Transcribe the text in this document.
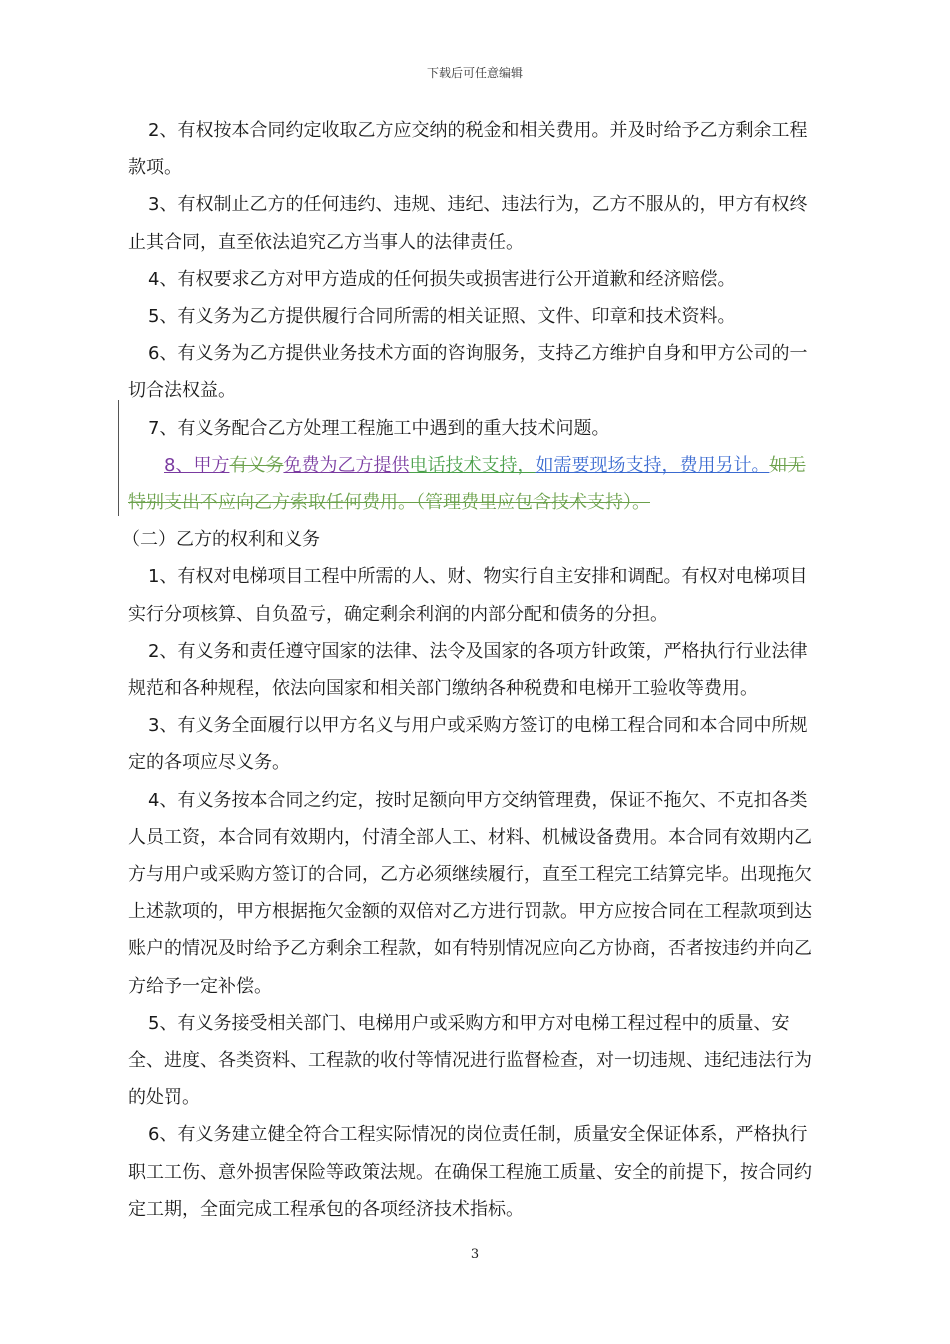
下载后可任意编辑

2、有权按本合同约定收取乙方应交纳的税金和相关费用。并及时给予乙方剩余工程款项。

3、有权制止乙方的任何违约、违规、违纪、违法行为，乙方不服从的，甲方有权终止其合同，直至依法追究乙方当事人的法律责任。

4、有权要求乙方对甲方造成的任何损失或损害进行公开道歉和经济赔偿。

5、有义务为乙方提供履行合同所需的相关证照、文件、印章和技术资料。

6、有义务为乙方提供业务技术方面的咨询服务，支持乙方维护自身和甲方公司的一切合法权益。

7、有义务配合乙方处理工程施工中遇到的重大技术问题。

8、甲方有义务免费为乙方提供电话技术支持，如需要现场支持，费用另计。如无特别支出不应向乙方索取任何费用。（管理费里应包含技术支持）。

（二）乙方的权利和义务

1、有权对电梯项目工程中所需的人、财、物实行自主安排和调配。有权对电梯项目实行分项核算、自负盈亏，确定剩余利润的内部分配和债务的分担。

2、有义务和责任遵守国家的法律、法令及国家的各项方针政策，严格执行行业法律规范和各种规程，依法向国家和相关部门缴纳各种税费和电梯开工验收等费用。

3、有义务全面履行以甲方名义与用户或采购方签订的电梯工程合同和本合同中所规定的各项应尽义务。

4、有义务按本合同之约定，按时足额向甲方交纳管理费，保证不拖欠、不克扣各类人员工资，本合同有效期内，付清全部人工、材料、机械设备费用。本合同有效期内乙方与用户或采购方签订的合同，乙方必须继续履行，直至工程完工结算完毕。出现拖欠上述款项的，甲方根据拖欠金额的双倍对乙方进行罚款。甲方应按合同在工程款项到达账户的情况及时给予乙方剩余工程款，如有特别情况应向乙方协商，否者按违约并向乙方给予一定补偿。

5、有义务接受相关部门、电梯用户或采购方和甲方对电梯工程过程中的质量、安全、进度、各类资料、工程款的收付等情况进行监督检查，对一切违规、违纪违法行为的处罚。

6、有义务建立健全符合工程实际情况的岗位责任制，质量安全保证体系，严格执行职工工伤、意外损害保险等政策法规。在确保工程施工质量、安全的前提下，按合同约定工期，全面完成工程承包的各项经济技术指标。

3
